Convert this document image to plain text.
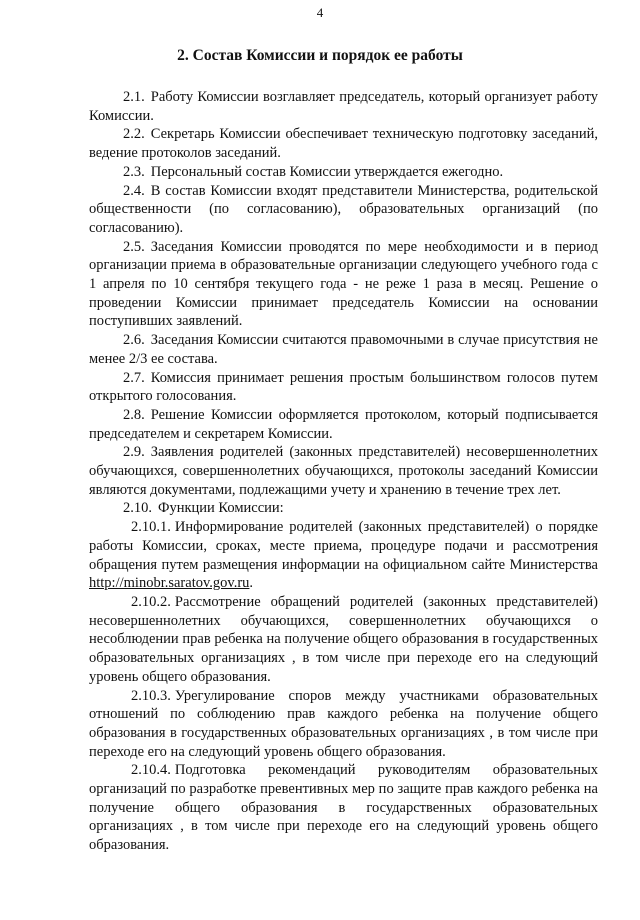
4
2. Состав Комиссии и порядок ее работы

2.1. Работу Комиссии возглавляет председатель, который организует работу Комиссии.

2.2. Секретарь Комиссии обеспечивает техническую подготовку заседаний, ведение протоколов заседаний.

2.3. Персональный состав Комиссии утверждается ежегодно.

2.4. В состав Комиссии входят представители Министерства, родительской общественности (по согласованию), образовательных организаций (по согласованию).

2.5. Заседания Комиссии проводятся по мере необходимости и в период организации приема в образовательные организации следующего учебного года с 1 апреля по 10 сентября текущего года - не реже 1 раза в месяц. Решение о проведении Комиссии принимает председатель Комиссии на основании поступивших заявлений.

2.6. Заседания Комиссии считаются правомочными в случае присутствия не менее 2/3 ее состава.

2.7. Комиссия принимает решения простым большинством голосов путем открытого голосования.

2.8. Решение Комиссии оформляется протоколом, который подписывается председателем и секретарем Комиссии.

2.9. Заявления родителей (законных представителей) несовершеннолетних обучающихся, совершеннолетних обучающихся, протоколы заседаний Комиссии являются документами, подлежащими учету и хранению в течение трех лет.

2.10. Функции Комиссии:

2.10.1. Информирование родителей (законных представителей) о порядке работы Комиссии, сроках, месте приема, процедуре подачи и рассмотрения обращения путем размещения информации на официальном сайте Министерства http://minobr.saratov.gov.ru.

2.10.2. Рассмотрение обращений родителей (законных представителей) несовершеннолетних обучающихся, совершеннолетних обучающихся о несоблюдении прав ребенка на получение общего образования в государственных образовательных организациях , в том числе при переходе его на следующий уровень общего образования.

2.10.3. Урегулирование споров между участниками образовательных отношений по соблюдению прав каждого ребенка на получение общего образования в государственных образовательных организациях , в том числе при переходе его на следующий уровень общего образования.

2.10.4. Подготовка рекомендаций руководителям образовательных организаций по разработке превентивных мер по защите прав каждого ребенка на получение общего образования в государственных образовательных организациях , в том числе при переходе его на следующий уровень общего образования.
